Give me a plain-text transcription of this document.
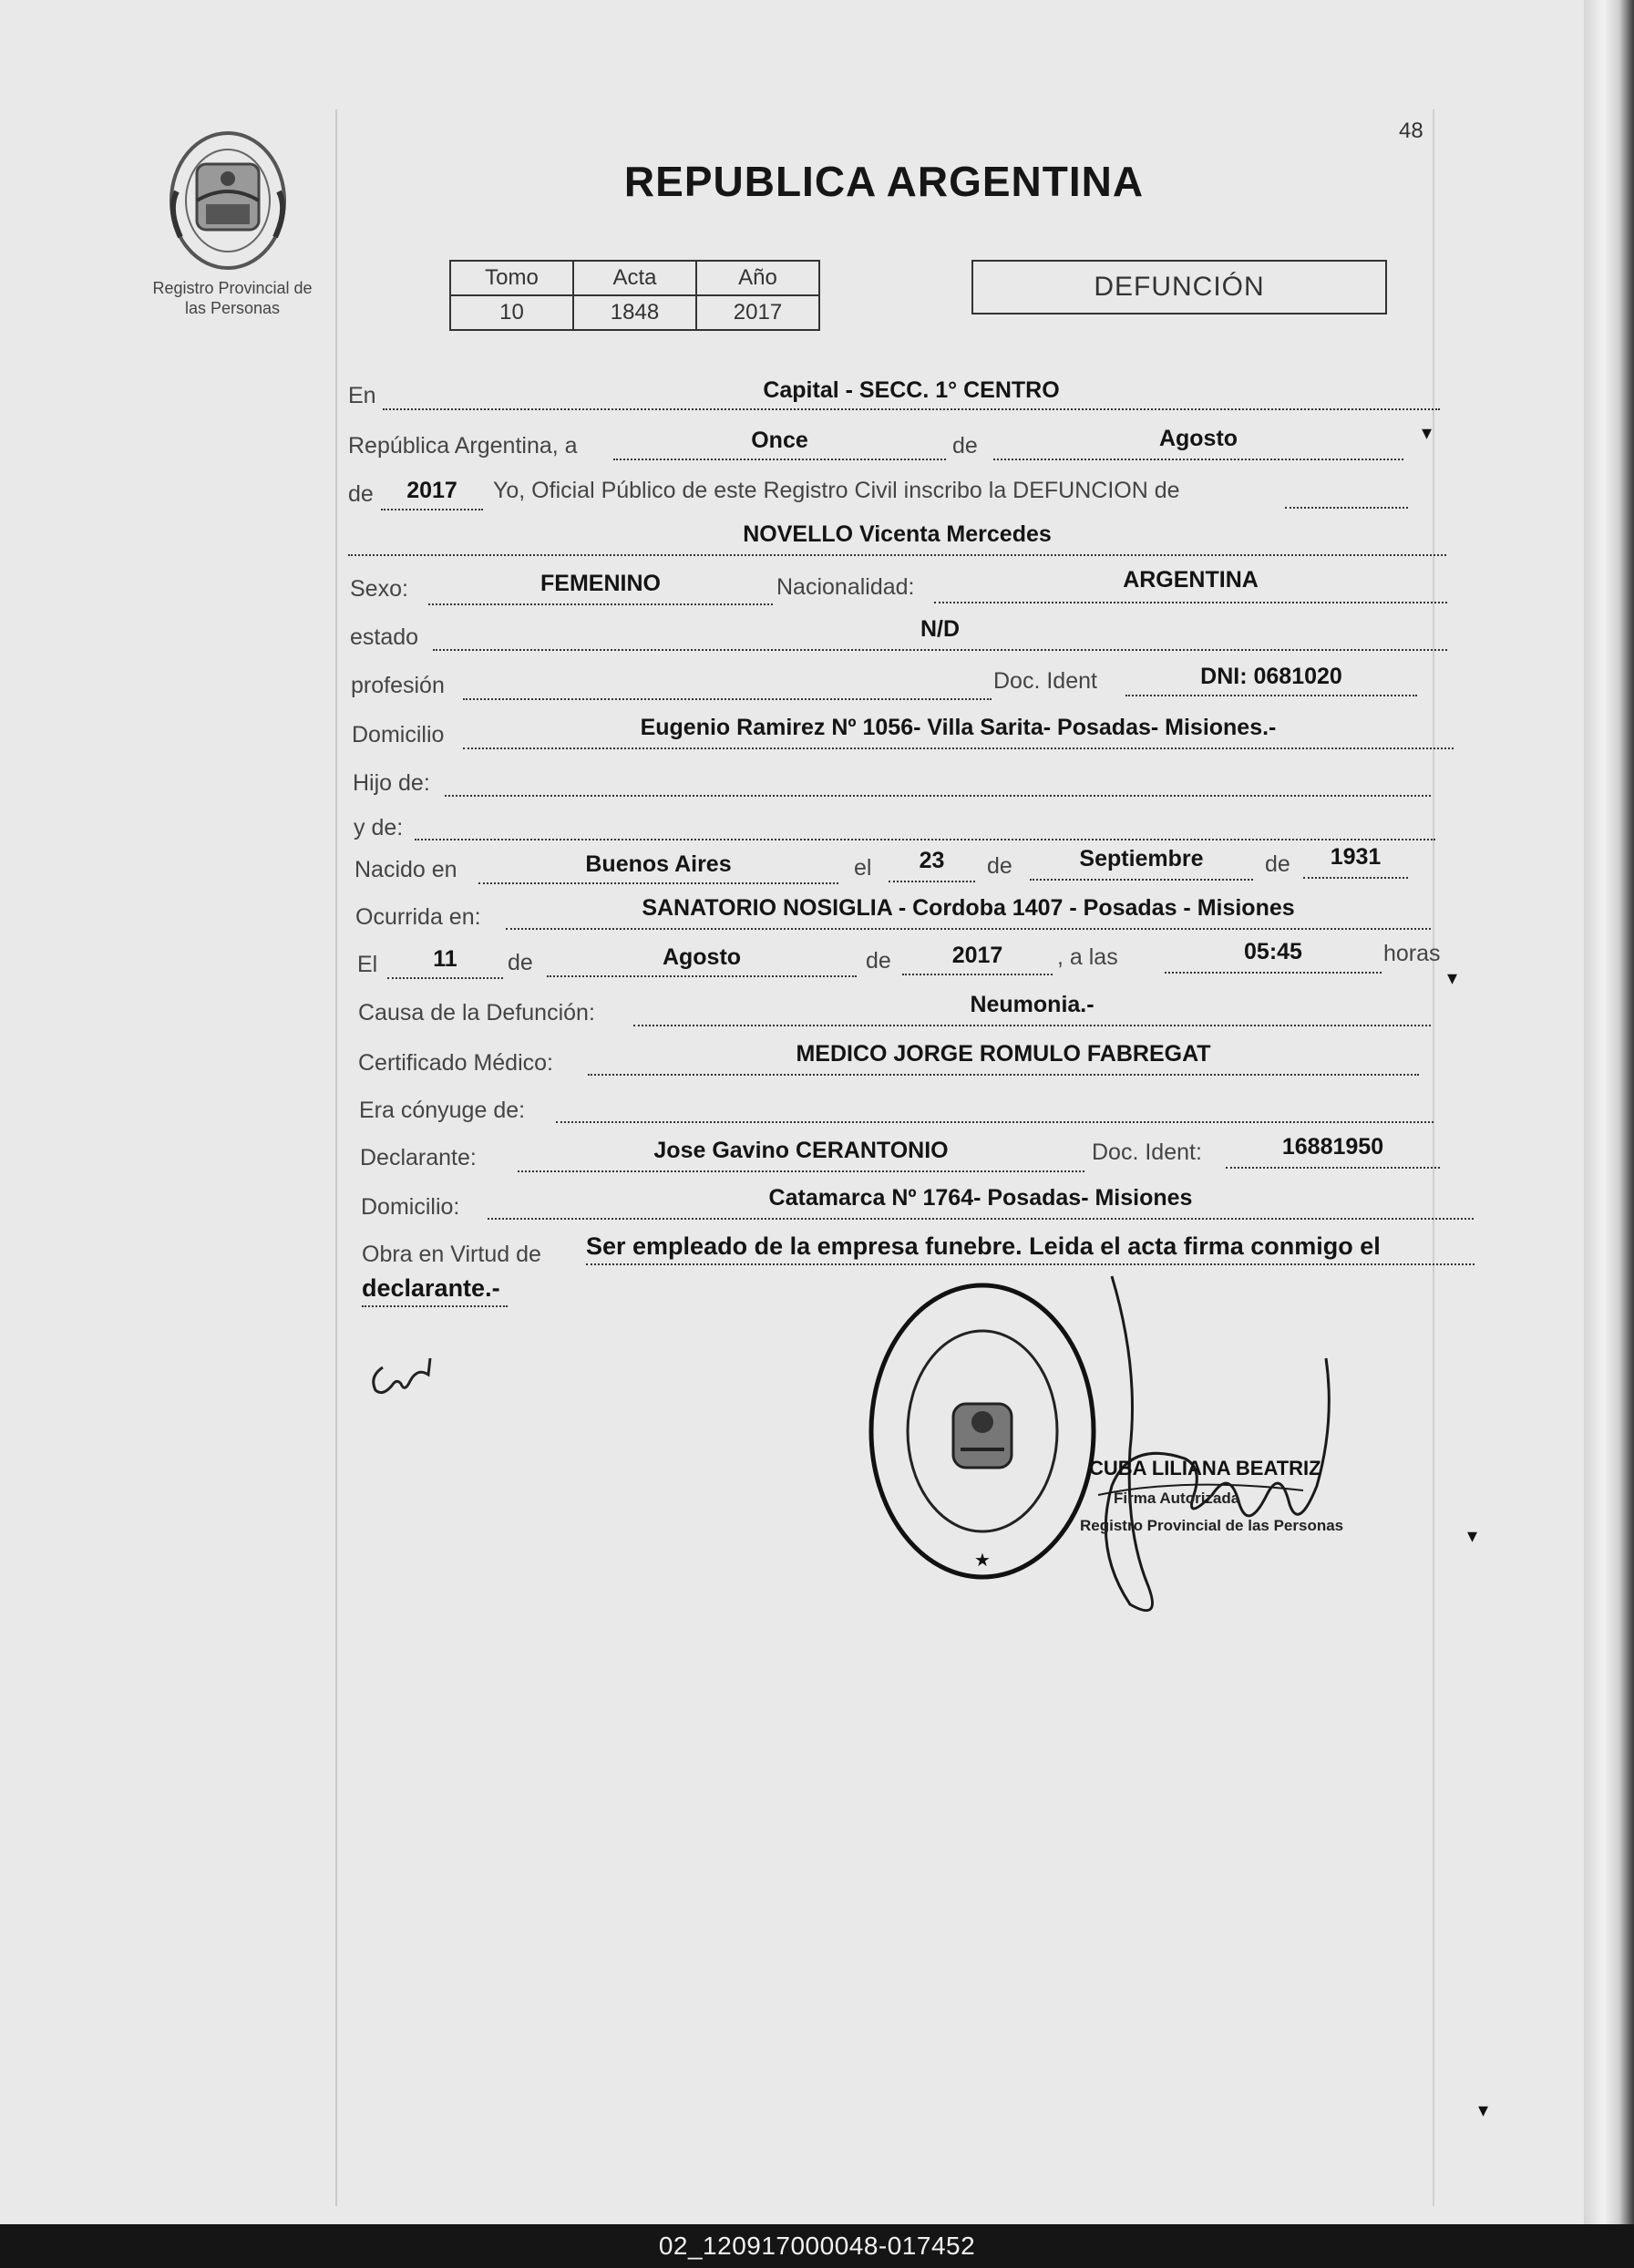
48
Registro Provincial de
las Personas
REPUBLICA ARGENTINA
Tomo	Acta	Año
10	1848	2017
DEFUNCIÓN
En	Capital - SECC. 1° CENTRO
República Argentina, a	Once	de	Agosto
de	2017	Yo, Oficial Público de este Registro Civil inscribo la DEFUNCION de
NOVELLO Vicenta Mercedes
Sexo:	FEMENINO	Nacionalidad:	ARGENTINA
estado	N/D
profesión	Doc. Ident	DNI: 0681020
Domicilio	Eugenio Ramirez Nº 1056- Villa Sarita- Posadas- Misiones.-
Hijo de:
y de:
Nacido en	Buenos Aires	el	23	de	Septiembre	de	1931
Ocurrida en:	SANATORIO NOSIGLIA - Cordoba 1407 - Posadas - Misiones
El	11	de	Agosto	de	2017	, a las	05:45	horas
Causa de la Defunción:	Neumonia.-
Certificado Médico:	MEDICO JORGE ROMULO FABREGAT
Era cónyuge de:
Declarante:	Jose Gavino CERANTONIO	Doc. Ident:	16881950
Domicilio:	Catamarca Nº 1764- Posadas- Misiones
Obra en Virtud de Ser empleado de la empresa funebre. Leida el acta firma conmigo el
declarante.-
★
CUBA LILIANA BEATRIZ
Firma Autorizada
Registro Provincial de las Personas
▾
▾
▾
▾
02_120917000048-017452
